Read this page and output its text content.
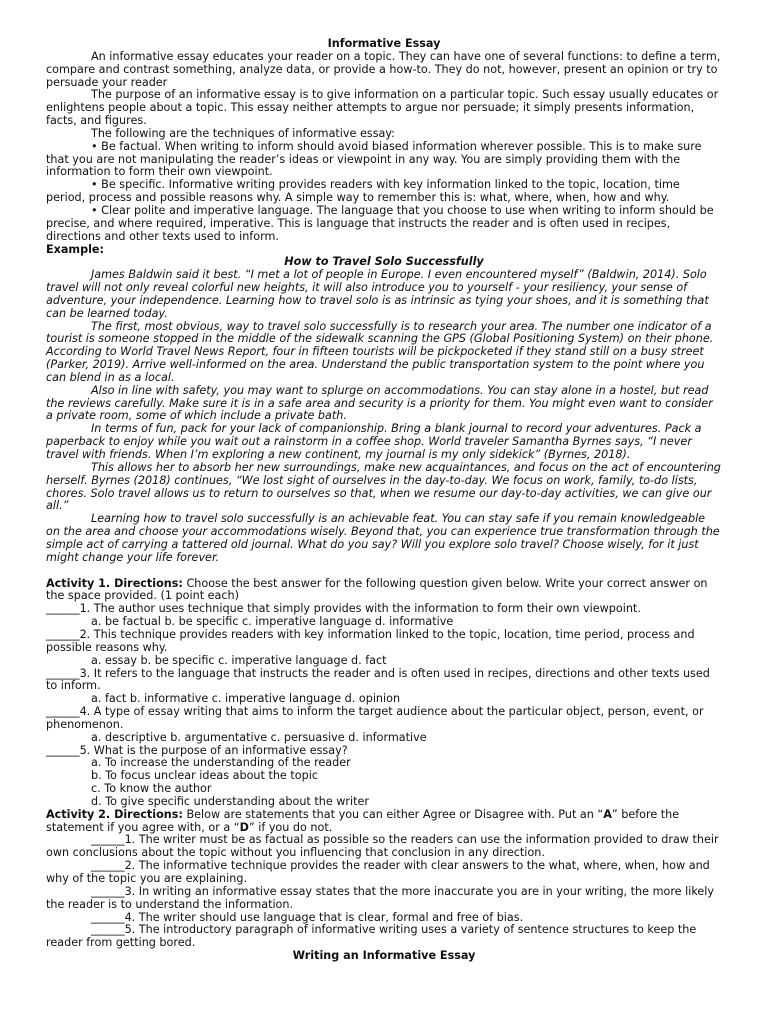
Informative Essay

An informative essay educates your reader on a topic. They can have one of several functions: to define a term, compare and contrast something, analyze data, or provide a how-to. They do not, however, present an opinion or try to persuade your reader

The purpose of an informative essay is to give information on a particular topic. Such essay usually educates or enlightens people about a topic. This essay neither attempts to argue nor persuade; it simply presents information, facts, and figures.

The following are the techniques of informative essay:

• Be factual. When writing to inform should avoid biased information wherever possible. This is to make sure that you are not manipulating the reader’s ideas or viewpoint in any way. You are simply providing them with the information to form their own viewpoint.

• Be specific. Informative writing provides readers with key information linked to the topic, location, time period, process and possible reasons why. A simple way to remember this is: what, where, when, how and why.

• Clear polite and imperative language. The language that you choose to use when writing to inform should be precise, and where required, imperative. This is language that instructs the reader and is often used in recipes, directions and other texts used to inform.

Example:

How to Travel Solo Successfully

James Baldwin said it best. “I met a lot of people in Europe. I even encountered myself” (Baldwin, 2014). Solo travel will not only reveal colorful new heights, it will also introduce you to yourself - your resiliency, your sense of adventure, your independence. Learning how to travel solo is as intrinsic as tying your shoes, and it is something that can be learned today.

The first, most obvious, way to travel solo successfully is to research your area. The number one indicator of a tourist is someone stopped in the middle of the sidewalk scanning the GPS (Global Positioning System) on their phone. According to World Travel News Report, four in fifteen tourists will be pickpocketed if they stand still on a busy street (Parker, 2019). Arrive well-informed on the area. Understand the public transportation system to the point where you can blend in as a local.

Also in line with safety, you may want to splurge on accommodations. You can stay alone in a hostel, but read the reviews carefully. Make sure it is in a safe area and security is a priority for them. You might even want to consider a private room, some of which include a private bath.

In terms of fun, pack for your lack of companionship. Bring a blank journal to record your adventures. Pack a paperback to enjoy while you wait out a rainstorm in a coffee shop. World traveler Samantha Byrnes says, “I never travel with friends. When I’m exploring a new continent, my journal is my only sidekick” (Byrnes, 2018).

This allows her to absorb her new surroundings, make new acquaintances, and focus on the act of encountering herself. Byrnes (2018) continues, “We lost sight of ourselves in the day-to-day. We focus on work, family, to-do lists, chores. Solo travel allows us to return to ourselves so that, when we resume our day-to-day activities, we can give our all.”

Learning how to travel solo successfully is an achievable feat. You can stay safe if you remain knowledgeable on the area and choose your accommodations wisely. Beyond that, you can experience true transformation through the simple act of carrying a tattered old journal. What do you say? Will you explore solo travel? Choose wisely, for it just might change your life forever.

Activity 1. Directions: Choose the best answer for the following question given below. Write your correct answer on the space provided. (1 point each)

______1. The author uses technique that simply provides with the information to form their own viewpoint.

a. be factual b. be specific c. imperative language d. informative

______2. This technique provides readers with key information linked to the topic, location, time period, process and possible reasons why.

a. essay b. be specific c. imperative language d. fact

______3. It refers to the language that instructs the reader and is often used in recipes, directions and other texts used to inform.

a. fact b. informative c. imperative language d. opinion

______4. A type of essay writing that aims to inform the target audience about the particular object, person, event, or phenomenon.

a. descriptive b. argumentative c. persuasive d. informative

______5. What is the purpose of an informative essay?

a. To increase the understanding of the reader

b. To focus unclear ideas about the topic

c. To know the author

d. To give specific understanding about the writer

Activity 2. Directions: Below are statements that you can either Agree or Disagree with. Put an “A” before the statement if you agree with, or a “D” if you do not.

______1. The writer must be as factual as possible so the readers can use the information provided to draw their own conclusions about the topic without you influencing that conclusion in any direction.

______2. The informative technique provides the reader with clear answers to the what, where, when, how and why of the topic you are explaining.

______3. In writing an informative essay states that the more inaccurate you are in your writing, the more likely the reader is to understand the information.

______4. The writer should use language that is clear, formal and free of bias.

______5. The introductory paragraph of informative writing uses a variety of sentence structures to keep the reader from getting bored.

Writing an Informative Essay
